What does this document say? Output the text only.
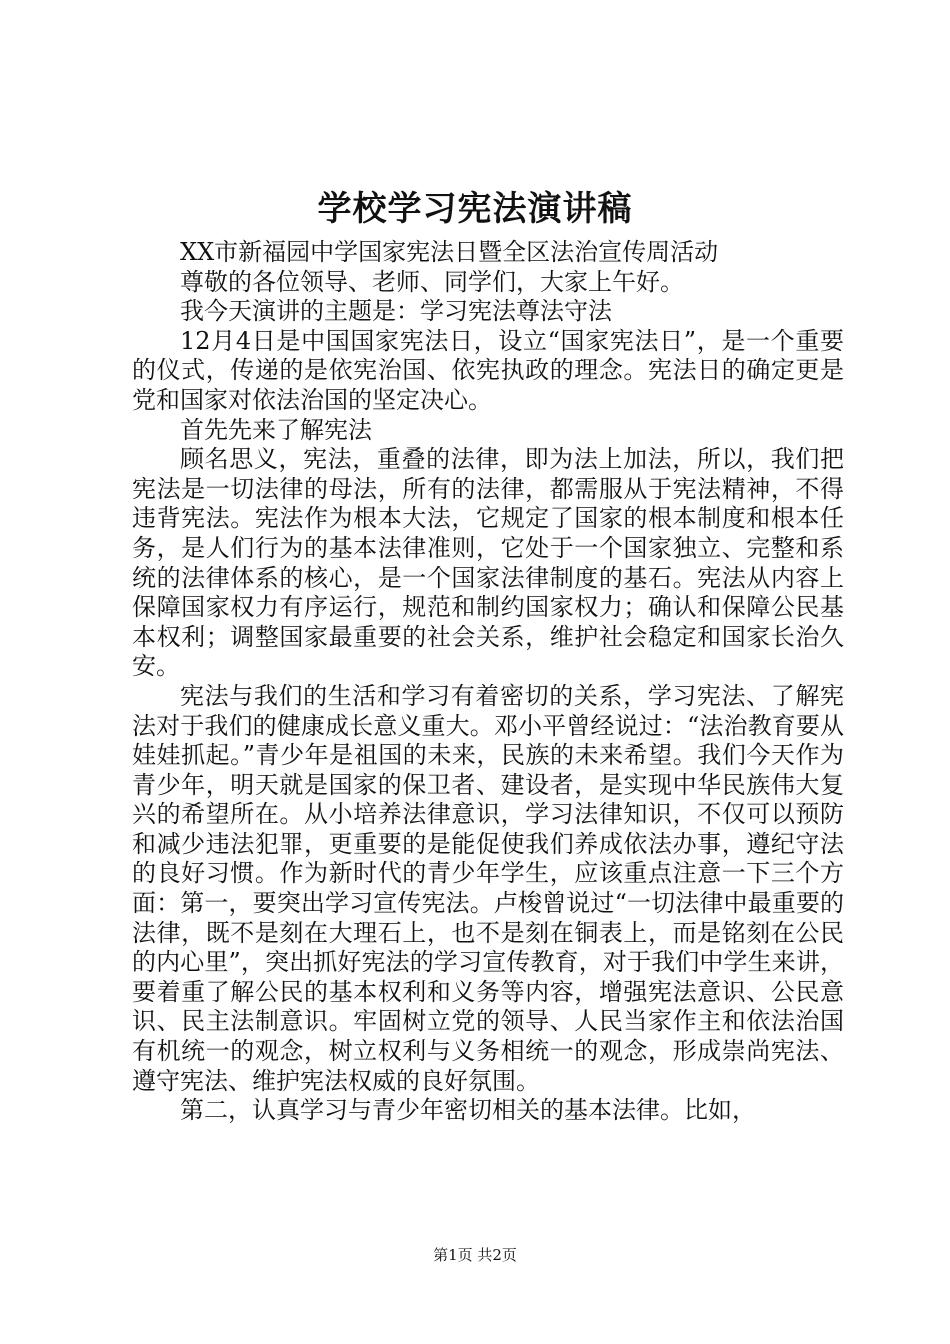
学校学习宪法演讲稿

XX市新福园中学国家宪法日暨全区法治宣传周活动

尊敬的各位领导、老师、同学们，大家上午好。

我今天演讲的主题是：学习宪法尊法守法

12月4日是中国国家宪法日，设立“国家宪法日”，是一个重要的仪式，传递的是依宪治国、依宪执政的理念。宪法日的确定更是党和国家对依法治国的坚定决心。

首先先来了解宪法

顾名思义，宪法，重叠的法律，即为法上加法，所以，我们把宪法是一切法律的母法，所有的法律，都需服从于宪法精神，不得违背宪法。宪法作为根本大法，它规定了国家的根本制度和根本任务，是人们行为的基本法律准则，它处于一个国家独立、完整和系统的法律体系的核心，是一个国家法律制度的基石。宪法从内容上保障国家权力有序运行，规范和制约国家权力；确认和保障公民基本权利；调整国家最重要的社会关系，维护社会稳定和国家长治久安。

宪法与我们的生活和学习有着密切的关系，学习宪法、了解宪法对于我们的健康成长意义重大。邓小平曾经说过：“法治教育要从娃娃抓起。”青少年是祖国的未来，民族的未来希望。我们今天作为青少年，明天就是国家的保卫者、建设者，是实现中华民族伟大复兴的希望所在。从小培养法律意识，学习法律知识，不仅可以预防和减少违法犯罪，更重要的是能促使我们养成依法办事，遵纪守法的良好习惯。作为新时代的青少年学生，应该重点注意一下三个方面：第一，要突出学习宣传宪法。卢梭曾说过“一切法律中最重要的法律，既不是刻在大理石上，也不是刻在铜表上，而是铭刻在公民的内心里”，突出抓好宪法的学习宣传教育，对于我们中学生来讲，要着重了解公民的基本权利和义务等内容，增强宪法意识、公民意识、民主法制意识。牢固树立党的领导、人民当家作主和依法治国有机统一的观念，树立权利与义务相统一的观念，形成崇尚宪法、遵守宪法、维护宪法权威的良好氛围。

第二，认真学习与青少年密切相关的基本法律。比如，

第1页 共2页
